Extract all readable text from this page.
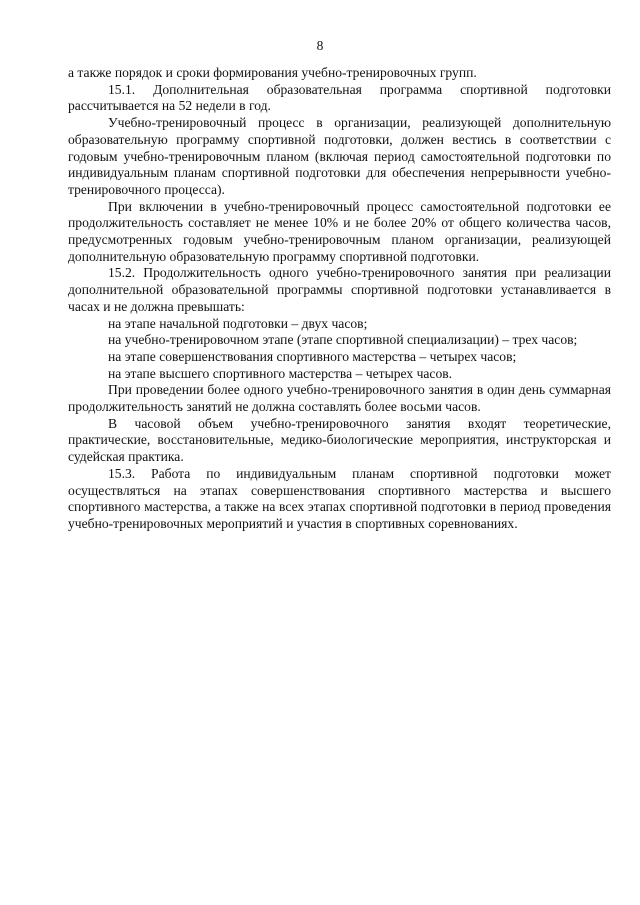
8

а также порядок и сроки формирования учебно-тренировочных групп.

15.1. Дополнительная образовательная программа спортивной подготовки рассчитывается на 52 недели в год.

Учебно-тренировочный процесс в организации, реализующей дополнительную образовательную программу спортивной подготовки, должен вестись в соответствии с годовым учебно-тренировочным планом (включая период самостоятельной подготовки по индивидуальным планам спортивной подготовки для обеспечения непрерывности учебно-тренировочного процесса).

При включении в учебно-тренировочный процесс самостоятельной подготовки ее продолжительность составляет не менее 10% и не более 20% от общего количества часов, предусмотренных годовым учебно-тренировочным планом организации, реализующей дополнительную образовательную программу спортивной подготовки.

15.2. Продолжительность одного учебно-тренировочного занятия при реализации дополнительной образовательной программы спортивной подготовки устанавливается в часах и не должна превышать:

на этапе начальной подготовки – двух часов;

на учебно-тренировочном этапе (этапе спортивной специализации) – трех часов;

на этапе совершенствования спортивного мастерства – четырех часов;

на этапе высшего спортивного мастерства – четырех часов.

При проведении более одного учебно-тренировочного занятия в один день суммарная продолжительность занятий не должна составлять более восьми часов.

В часовой объем учебно-тренировочного занятия входят теоретические, практические, восстановительные, медико-биологические мероприятия, инструкторская и судейская практика.

15.3. Работа по индивидуальным планам спортивной подготовки может осуществляться на этапах совершенствования спортивного мастерства и высшего спортивного мастерства, а также на всех этапах спортивной подготовки в период проведения учебно-тренировочных мероприятий и участия в спортивных соревнованиях.
